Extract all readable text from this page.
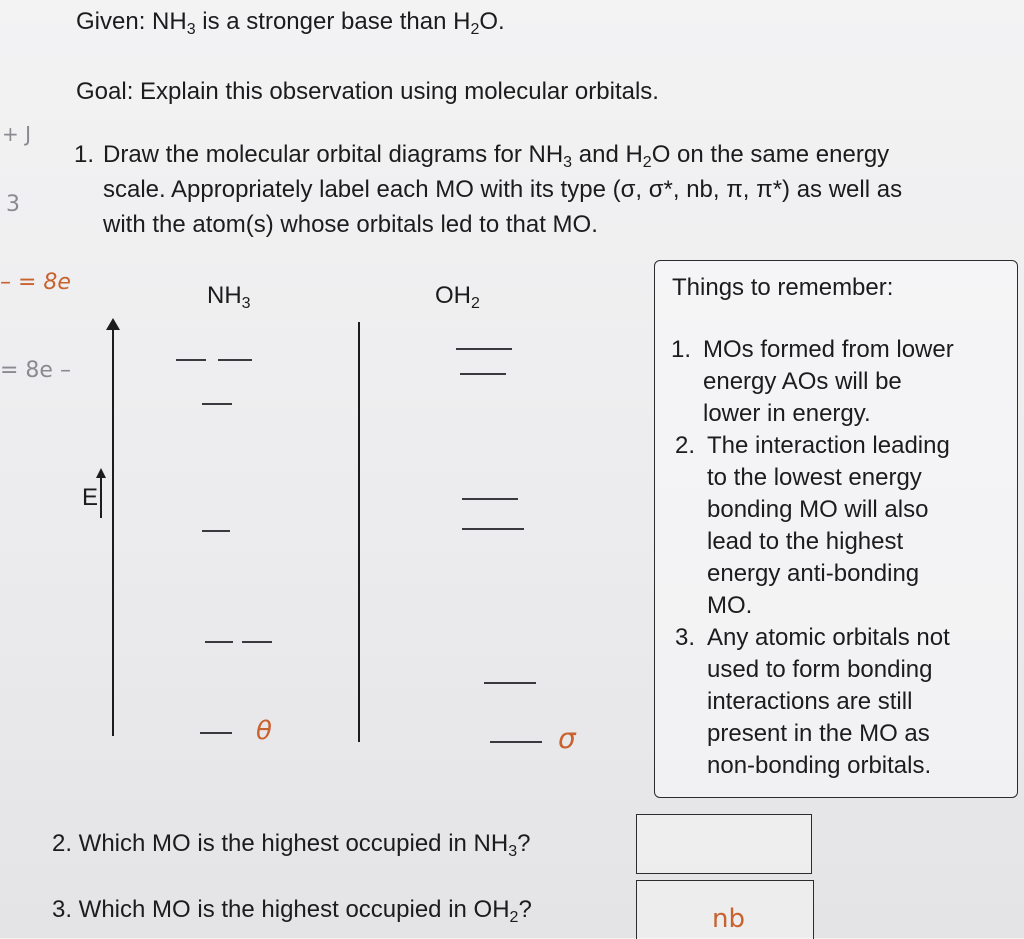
Given: $NH_3$ is a stronger base than $H_2O$.
Goal: Explain this observation using molecular orbitals.
1. Draw the molecular orbital diagrams for $NH_3$ and $H_2O$ on the same energy
scale. Appropriately label each MO with its type (σ, σ*, nb, π, π*) as well as
with the atom(s) whose orbitals led to that MO.
+ J
3
– = 8e
= 8e –
$NH_3$	$OH_2$
E
θ	σ
Things to remember:
1. MOs formed from lower
energy AOs will be
lower in energy.
2. The interaction leading
to the lowest energy
bonding MO will also
lead to the highest
energy anti-bonding
MO.
3. Any atomic orbitals not
used to form bonding
interactions are still
present in the MO as
non-bonding orbitals.
2. Which MO is the highest occupied in $NH_3$?
3. Which MO is the highest occupied in $OH_2$?	nb
